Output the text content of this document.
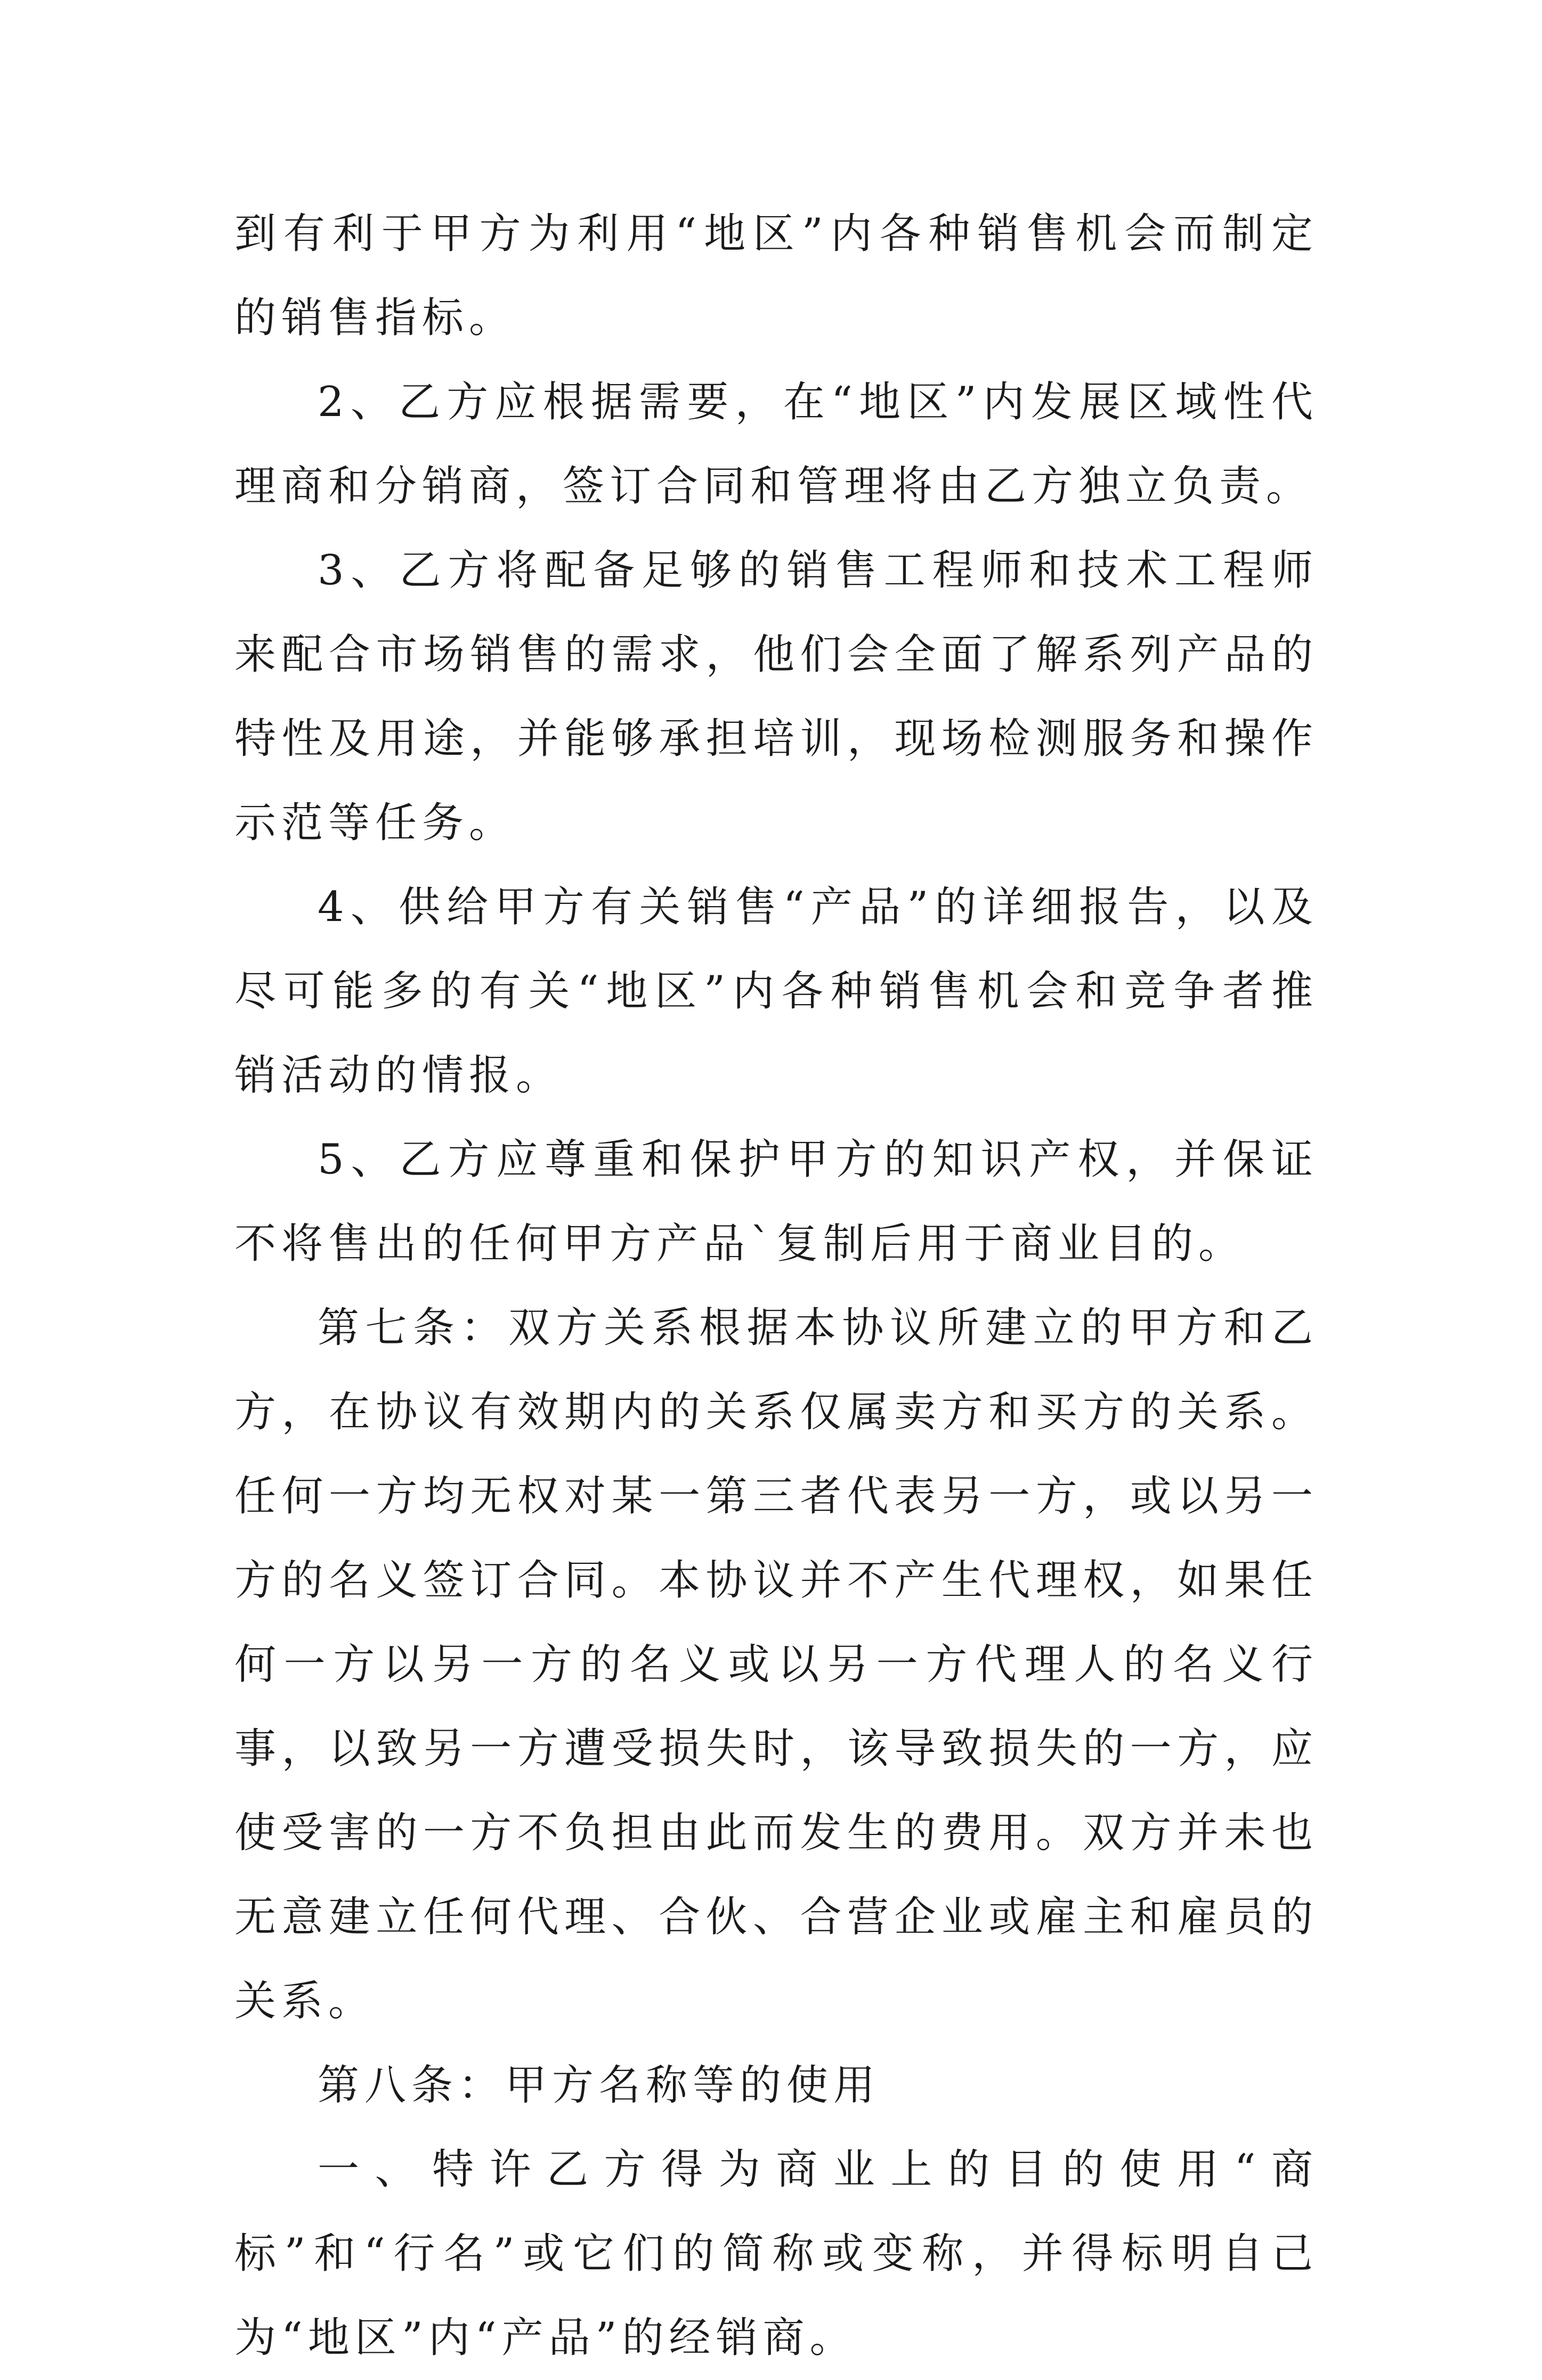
到有利于甲方为利用“地区”内各种销售机会而制定的销售指标。

2、乙方应根据需要，在“地区”内发展区域性代理商和分销商，签订合同和管理将由乙方独立负责。

3、乙方将配备足够的销售工程师和技术工程师来配合市场销售的需求，他们会全面了解系列产品的特性及用途，并能够承担培训，现场检测服务和操作示范等任务。

4、供给甲方有关销售“产品”的详细报告，以及尽可能多的有关“地区”内各种销售机会和竞争者推销活动的情报。

5、乙方应尊重和保护甲方的知识产权，并保证不将售出的任何甲方产品`复制后用于商业目的。

第七条：双方关系根据本协议所建立的甲方和乙方，在协议有效期内的关系仅属卖方和买方的关系。任何一方均无权对某一第三者代表另一方，或以另一方的名义签订合同。本协议并不产生代理权，如果任何一方以另一方的名义或以另一方代理人的名义行事，以致另一方遭受损失时，该导致损失的一方，应使受害的一方不负担由此而发生的费用。双方并未也无意建立任何代理、合伙、合营企业或雇主和雇员的关系。

第八条：甲方名称等的使用

一、特许乙方得为商业上的目的使用“商标”和“行名”或它们的简称或变称，并得标明自己为“地区”内“产品”的经销商。
